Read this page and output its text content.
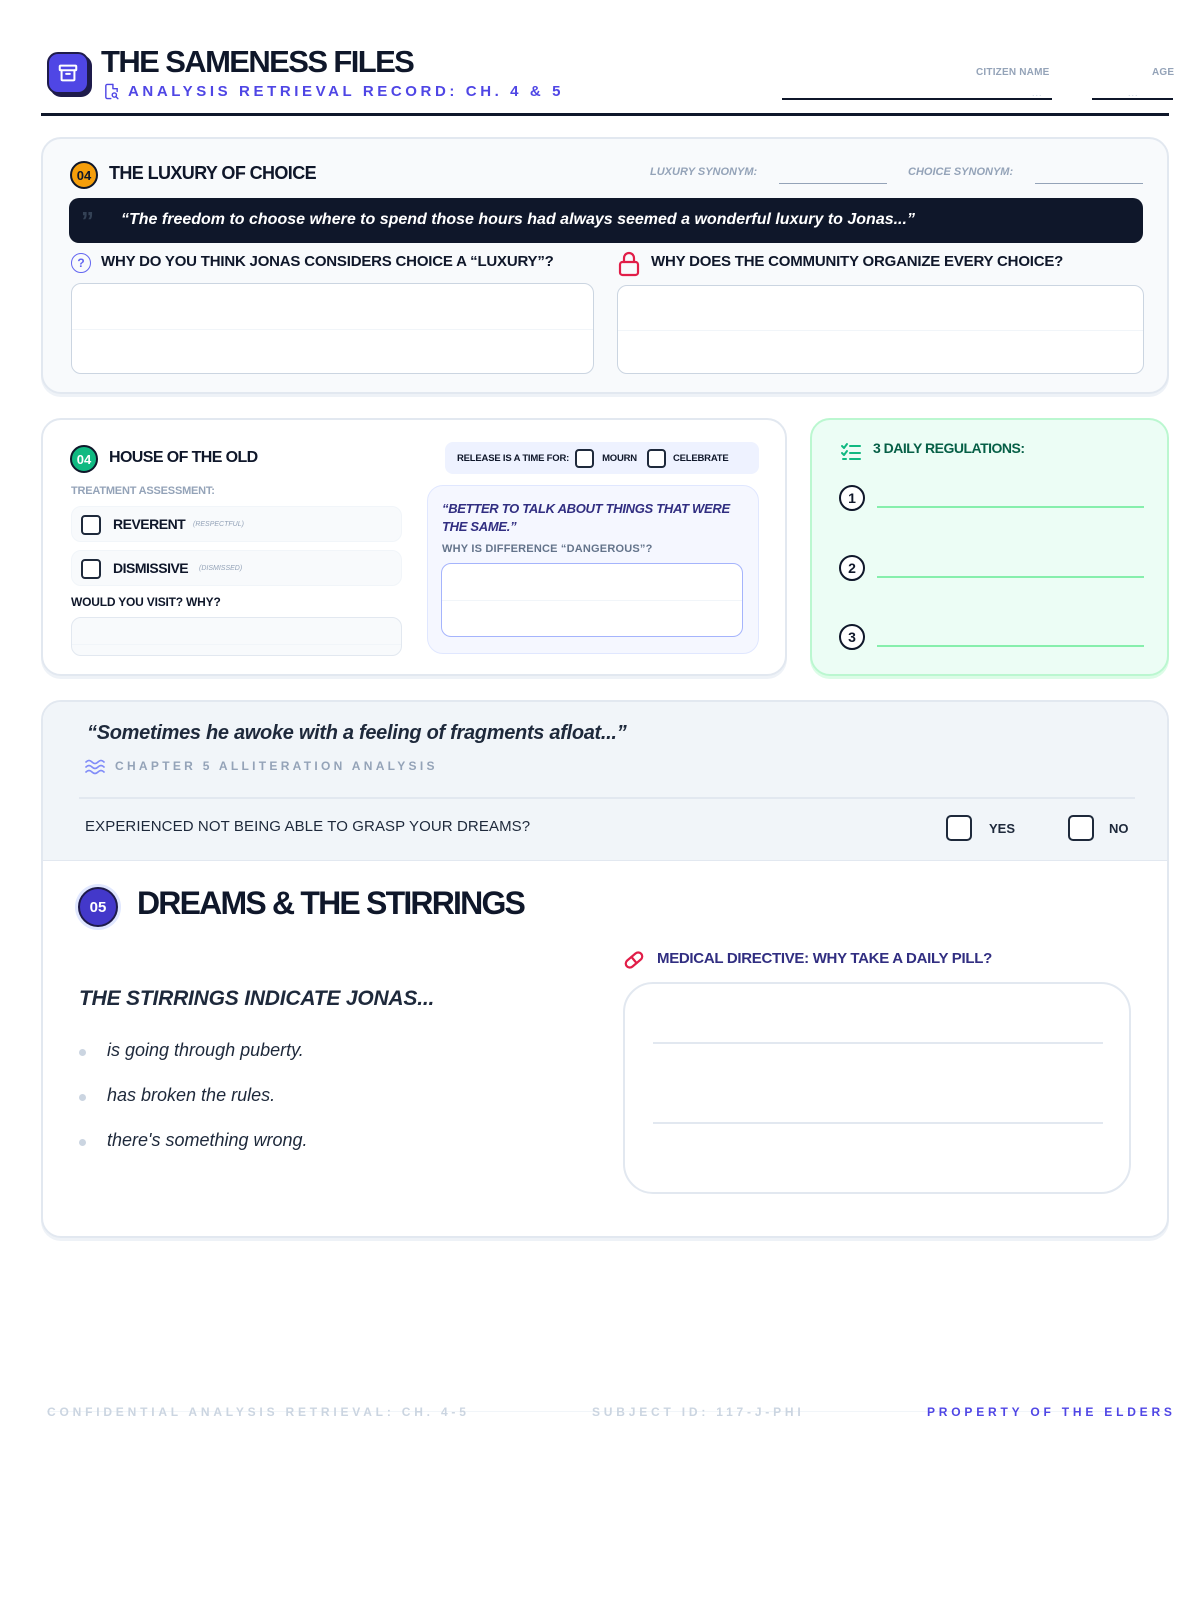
THE SAMENESS FILES
ANALYSIS RETRIEVAL RECORD: CH. 4 & 5
CITIZEN NAME
...
AGE
...
04 THE LUXURY OF CHOICE	LUXURY SYNONYM:	CHOICE SYNONYM:
” “The freedom to choose where to spend those hours had always seemed a wonderful luxury to Jonas...”
?	WHY DO YOU THINK JONAS CONSIDERS CHOICE A “LUXURY”?	WHY DOES THE COMMUNITY ORGANIZE EVERY CHOICE?
04	HOUSE OF THE OLD	RELEASE IS A TIME FOR:	MOURN	CELEBRATE
TREATMENT ASSESSMENT:
REVERENT (RESPECTFUL)
DISMISSIVE (DISMISSED)
WOULD YOU VISIT? WHY?
“BETTER TO TALK ABOUT THINGS THAT WERE THE SAME.”
WHY IS DIFFERENCE “DANGEROUS”?
3 DAILY REGULATIONS:
1
2
3
“Sometimes he awoke with a feeling of fragments afloat...”
CHAPTER 5 ALLITERATION ANALYSIS
EXPERIENCED NOT BEING ABLE TO GRASP YOUR DREAMS?	YES	NO
05 DREAMS & THE STIRRINGS
THE STIRRINGS INDICATE JONAS...
is going through puberty.
has broken the rules.
there's something wrong.
MEDICAL DIRECTIVE: WHY TAKE A DAILY PILL?
CONFIDENTIAL ANALYSIS RETRIEVAL: CH. 4-5	SUBJECT ID: 117-J-PHI	PROPERTY OF THE ELDERS
